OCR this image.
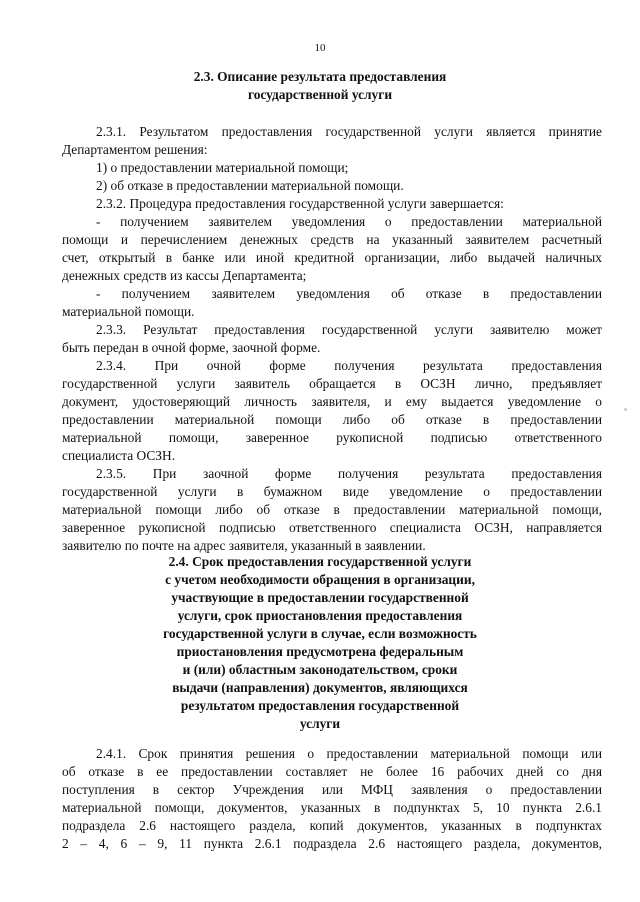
10
2.3. Описание результата предоставления
государственной услуги
2.3.1. Результатом предоставления государственной услуги является принятие
Департаментом решения:
1) о предоставлении материальной помощи;
2) об отказе в предоставлении материальной помощи.
2.3.2. Процедура предоставления государственной услуги завершается:
- получением заявителем уведомления о предоставлении материальной
помощи и перечислением денежных средств на указанный заявителем расчетный
счет, открытый в банке или иной кредитной организации, либо выдачей наличных
денежных средств из кассы Департамента;
- получением заявителем уведомления об отказе в предоставлении
материальной помощи.
2.3.3. Результат предоставления государственной услуги заявителю может
быть передан в очной форме, заочной форме.
2.3.4. При очной форме получения результата предоставления
государственной услуги заявитель обращается в ОСЗН лично, предъявляет
документ, удостоверяющий личность заявителя, и ему выдается уведомление о
предоставлении материальной помощи либо об отказе в предоставлении
материальной помощи, заверенное рукописной подписью ответственного
специалиста ОСЗН.
2.3.5. При заочной форме получения результата предоставления
государственной услуги в бумажном виде уведомление о предоставлении
материальной помощи либо об отказе в предоставлении материальной помощи,
заверенное рукописной подписью ответственного специалиста ОСЗН, направляется
заявителю по почте на адрес заявителя, указанный в заявлении.
2.4. Срок предоставления государственной услуги
с учетом необходимости обращения в организации,
участвующие в предоставлении государственной
услуги, срок приостановления предоставления
государственной услуги в случае, если возможность
приостановления предусмотрена федеральным
и (или) областным законодательством, сроки
выдачи (направления) документов, являющихся
результатом предоставления государственной
услуги
2.4.1. Срок принятия решения о предоставлении материальной помощи или
об отказе в ее предоставлении составляет не более 16 рабочих дней со дня
поступления в сектор Учреждения или МФЦ заявления о предоставлении
материальной помощи, документов, указанных в подпунктах 5, 10 пункта 2.6.1
подраздела 2.6 настоящего раздела, копий документов, указанных в подпунктах
2 – 4, 6 – 9, 11 пункта 2.6.1 подраздела 2.6 настоящего раздела, документов,
